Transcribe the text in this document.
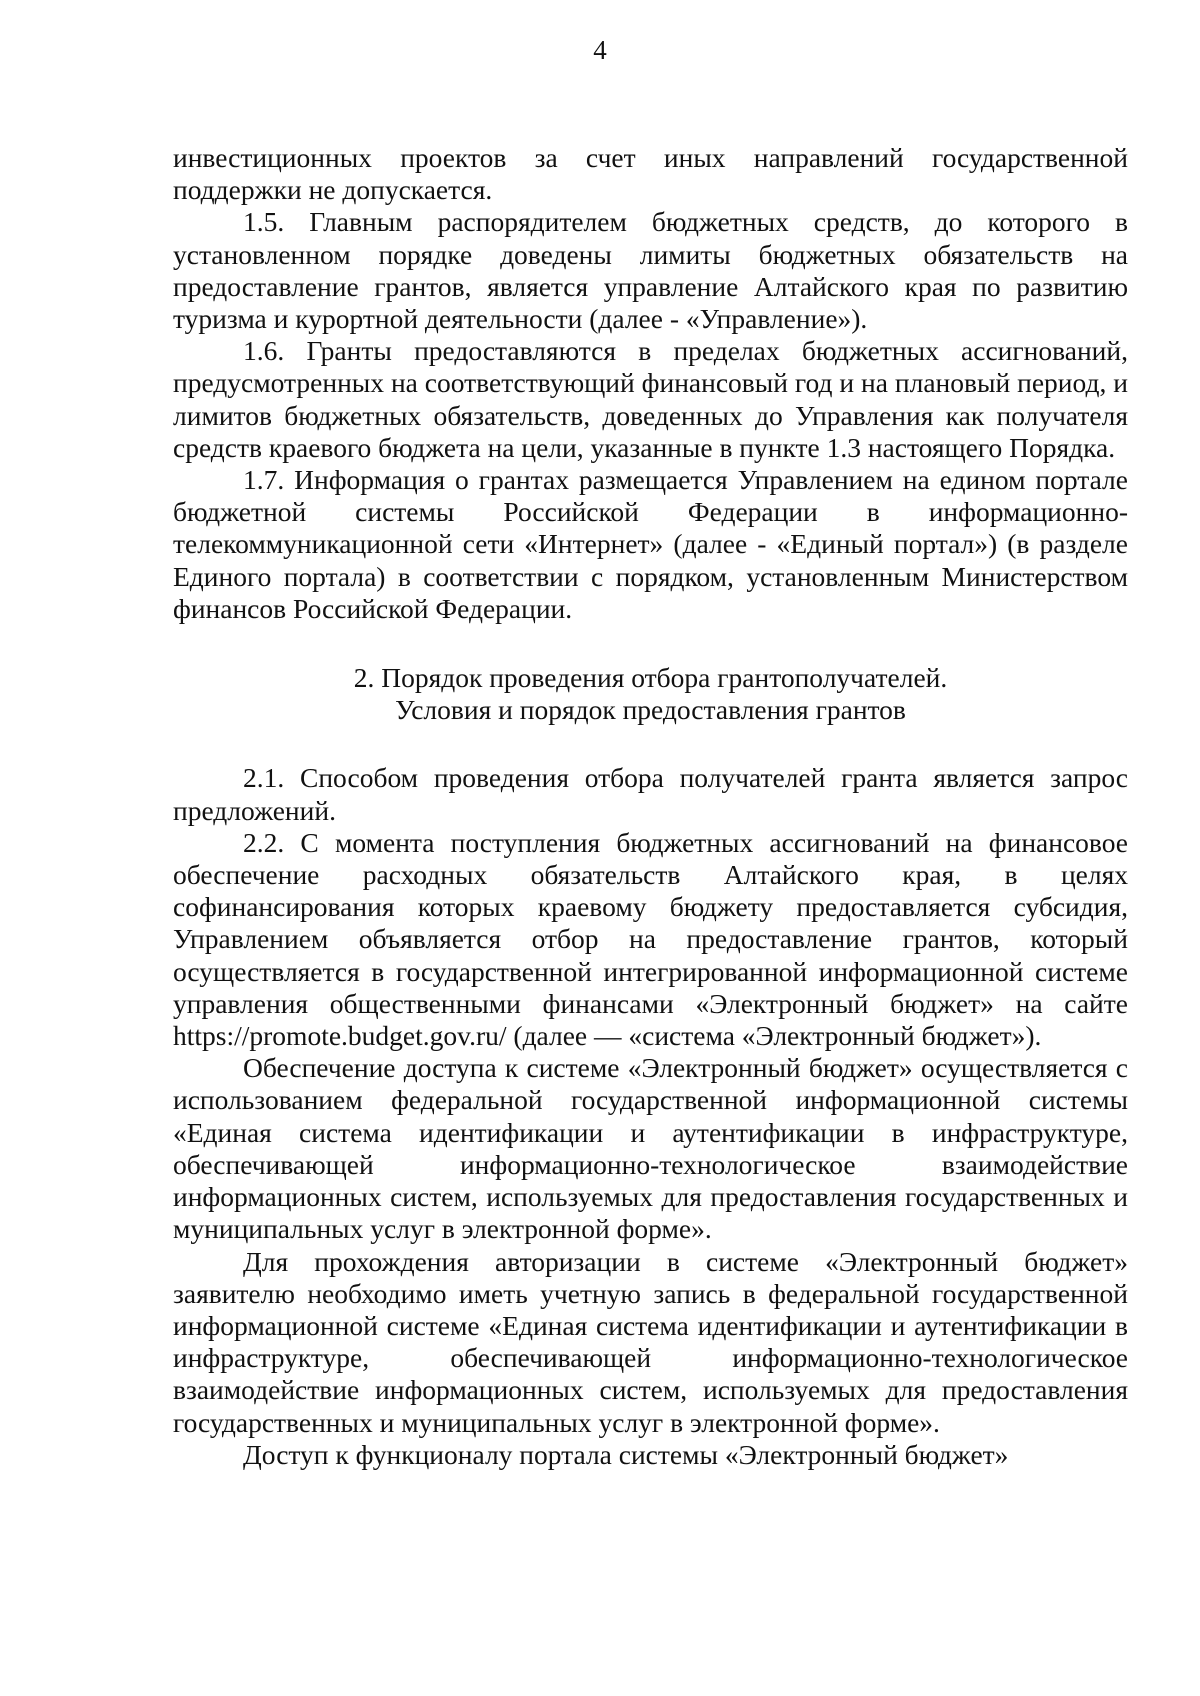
4

инвестиционных проектов за счет иных направлений государственной поддержки не допускается.

1.5. Главным распорядителем бюджетных средств, до которого в установленном порядке доведены лимиты бюджетных обязательств на предоставление грантов, является управление Алтайского края по развитию туризма и курортной деятельности (далее - «Управление»).

1.6. Гранты предоставляются в пределах бюджетных ассигнований, предусмотренных на соответствующий финансовый год и на плановый период, и лимитов бюджетных обязательств, доведенных до Управления как получателя средств краевого бюджета на цели, указанные в пункте 1.3 настоящего Порядка.

1.7. Информация о грантах размещается Управлением на едином портале бюджетной системы Российской Федерации в информационно-телекоммуникационной сети «Интернет» (далее - «Единый портал») (в разделе Единого портала) в соответствии с порядком, установленным Министерством финансов Российской Федерации.

2. Порядок проведения отбора грантополучателей.
Условия и порядок предоставления грантов

2.1. Способом проведения отбора получателей гранта является запрос предложений.

2.2. С момента поступления бюджетных ассигнований на финансовое обеспечение расходных обязательств Алтайского края, в целях софинансирования которых краевому бюджету предоставляется субсидия, Управлением объявляется отбор на предоставление грантов, который осуществляется в государственной интегрированной информационной системе управления общественными финансами «Электронный бюджет» на сайте https://promote.budget.gov.ru/ (далее — «система «Электронный бюджет»).

Обеспечение доступа к системе «Электронный бюджет» осуществляется с использованием федеральной государственной информационной системы «Единая система идентификации и аутентификации в инфраструктуре, обеспечивающей информационно-технологическое взаимодействие информационных систем, используемых для предоставления государственных и муниципальных услуг в электронной форме».

Для прохождения авторизации в системе «Электронный бюджет» заявителю необходимо иметь учетную запись в федеральной государственной информационной системе «Единая система идентификации и аутентификации в инфраструктуре, обеспечивающей информационно-технологическое взаимодействие информационных систем, используемых для предоставления государственных и муниципальных услуг в электронной форме».

Доступ к функционалу портала системы «Электронный бюджет»
